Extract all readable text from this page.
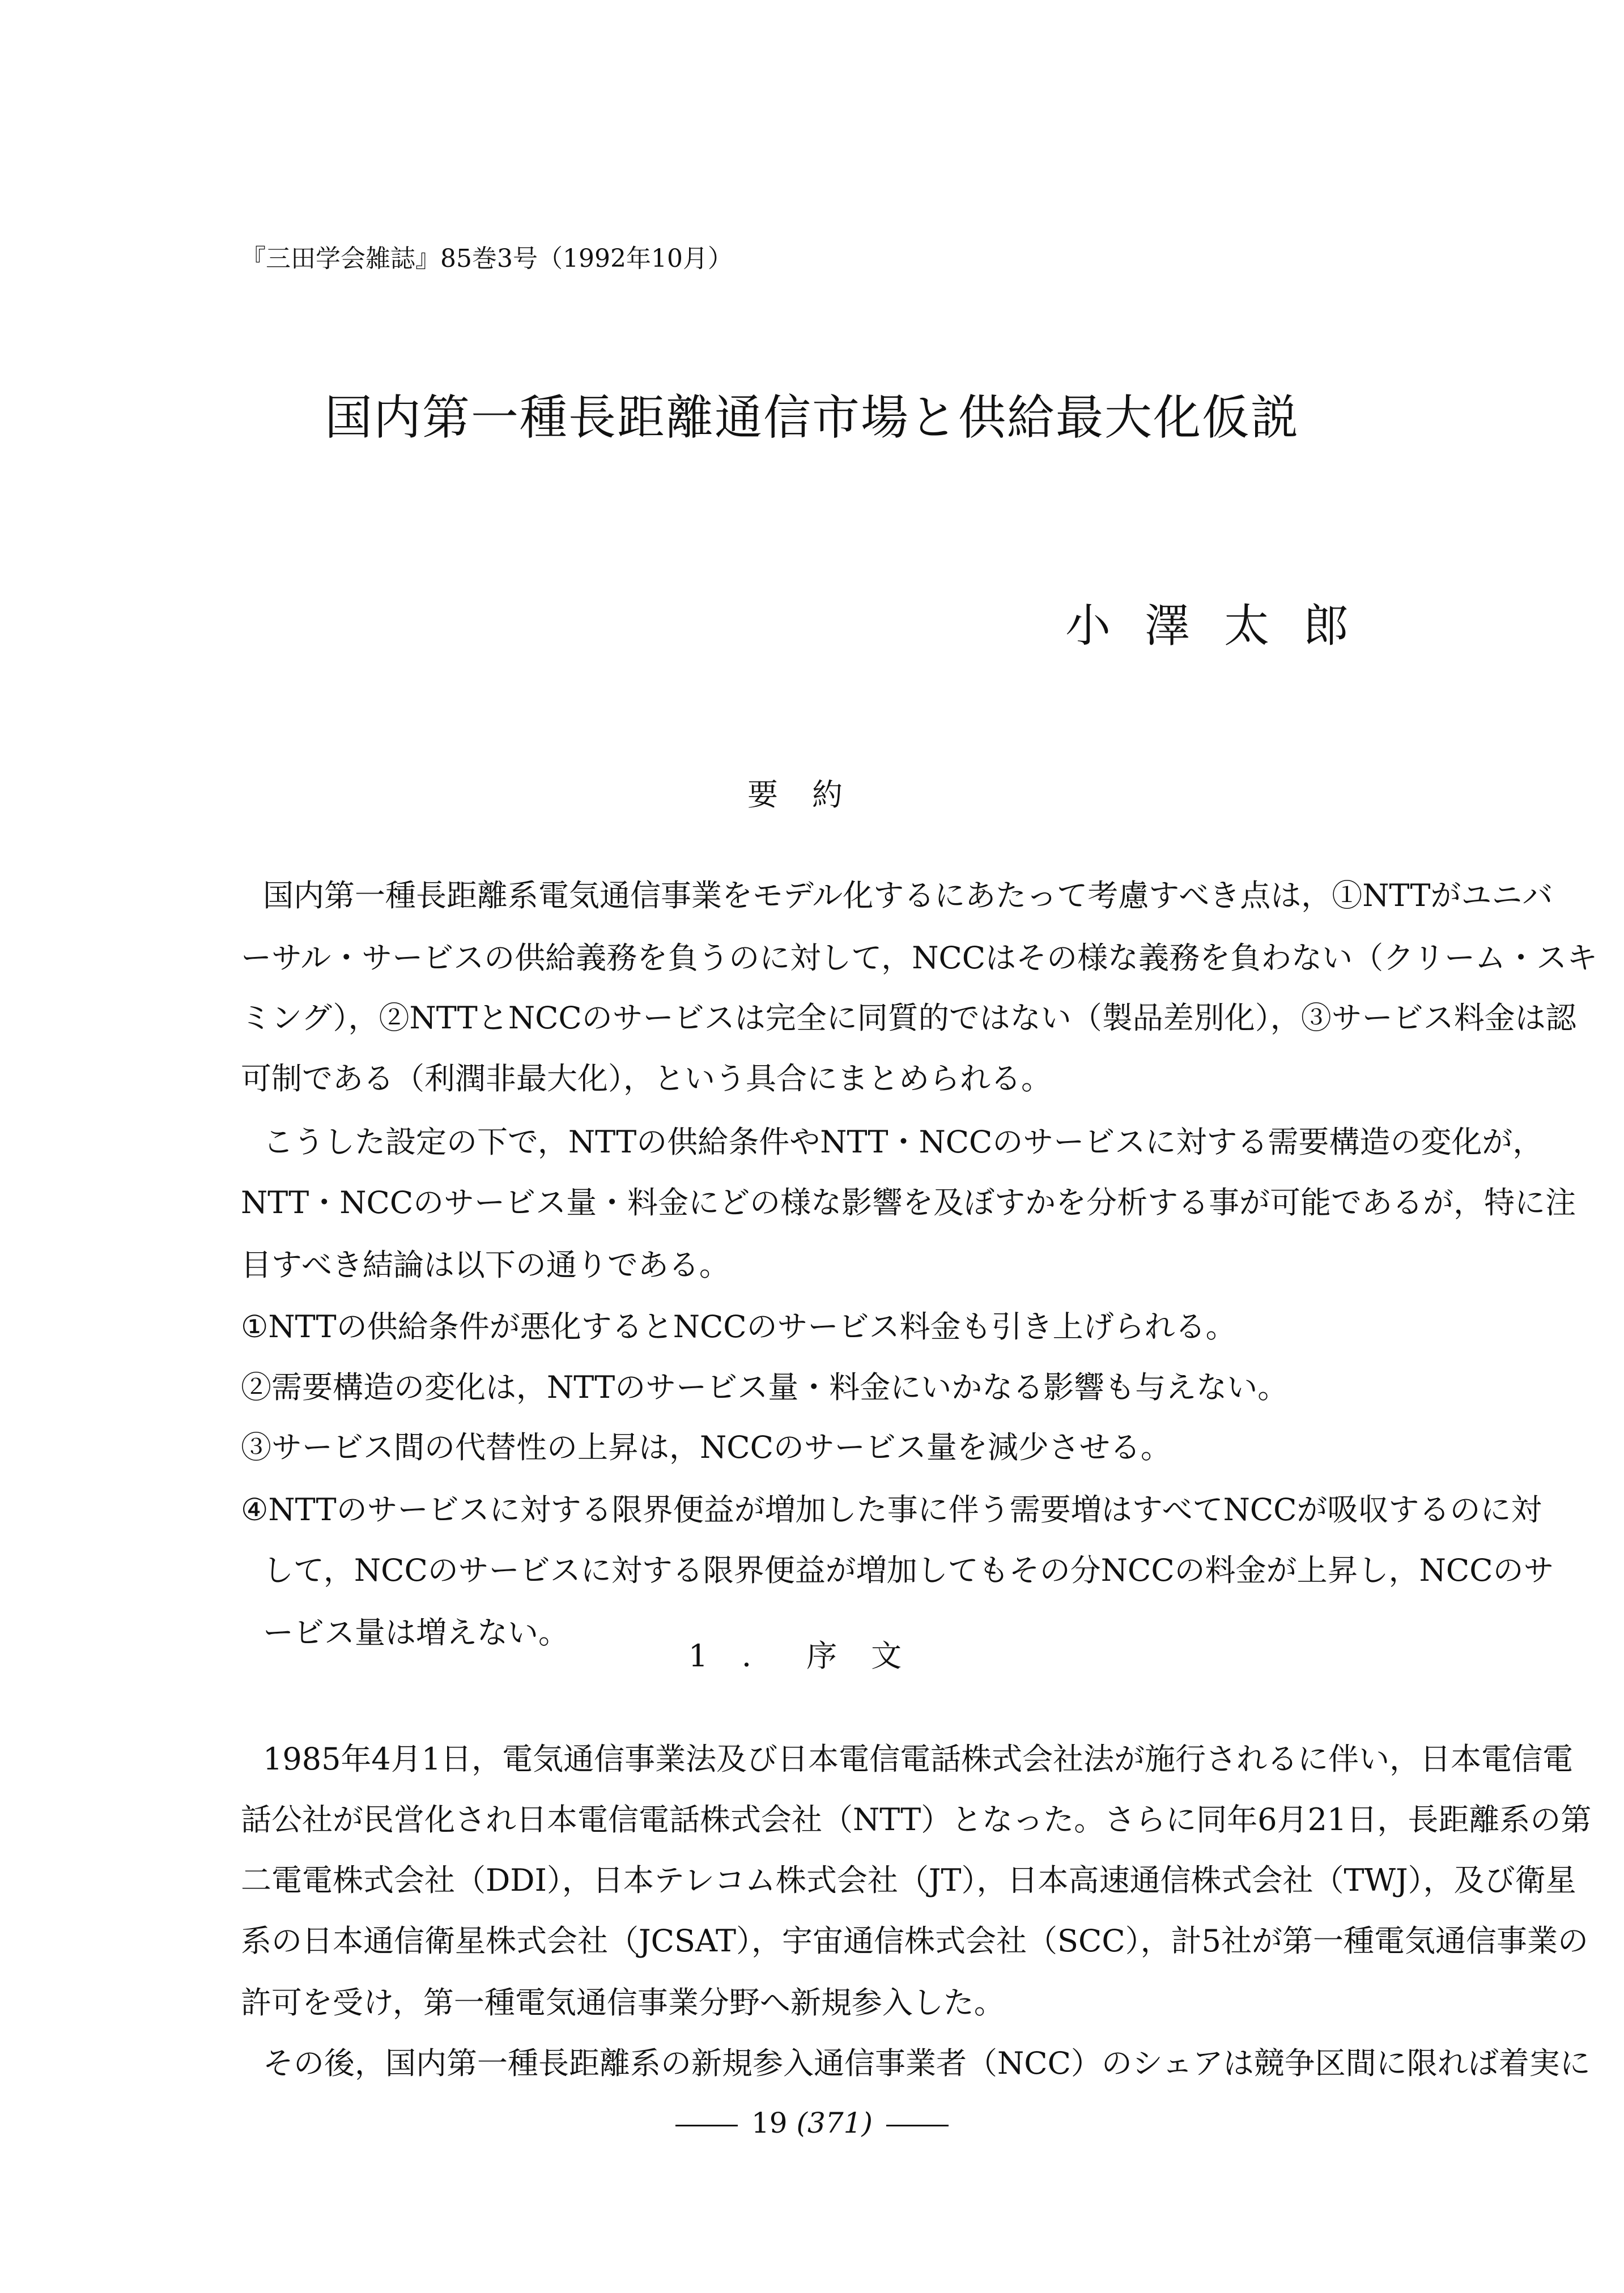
『三田学会雑誌』85巻3号（1992年10月）
国内第一種長距離通信市場と供給最大化仮説
小澤太郎
要約
国内第一種長距離系電気通信事業をモデル化するにあたって考慮すべき点は，①NTTがユニバ
ーサル・サービスの供給義務を負うのに対して，NCCはその様な義務を負わない（クリーム・スキ
ミング），②NTTとNCCのサービスは完全に同質的ではない（製品差別化），③サービス料金は認
可制である（利潤非最大化），という具合にまとめられる。
こうした設定の下で，NTTの供給条件やNTT・NCCのサービスに対する需要構造の変化が，
NTT・NCCのサービス量・料金にどの様な影響を及ぼすかを分析する事が可能であるが，特に注
目すべき結論は以下の通りである。
①NTTの供給条件が悪化するとNCCのサービス料金も引き上げられる。
②需要構造の変化は，NTTのサービス量・料金にいかなる影響も与えない。
③サービス間の代替性の上昇は，NCCのサービス量を減少させる。
④NTTのサービスに対する限界便益が増加した事に伴う需要増はすべてNCCが吸収するのに対
して，NCCのサービスに対する限界便益が増加してもその分NCCの料金が上昇し，NCCのサ
ービス量は増えない。
1．序文
1985年4月1日，電気通信事業法及び日本電信電話株式会社法が施行されるに伴い，日本電信電
話公社が民営化され日本電信電話株式会社（NTT）となった。さらに同年6月21日，長距離系の第
二電電株式会社（DDI），日本テレコム株式会社（JT），日本高速通信株式会社（TWJ），及び衛星
系の日本通信衛星株式会社（JCSAT），宇宙通信株式会社（SCC），計5社が第一種電気通信事業の
許可を受け，第一種電気通信事業分野へ新規参入した。
その後，国内第一種長距離系の新規参入通信事業者（NCC）のシェアは競争区間に限れば着実に
19 (371)
